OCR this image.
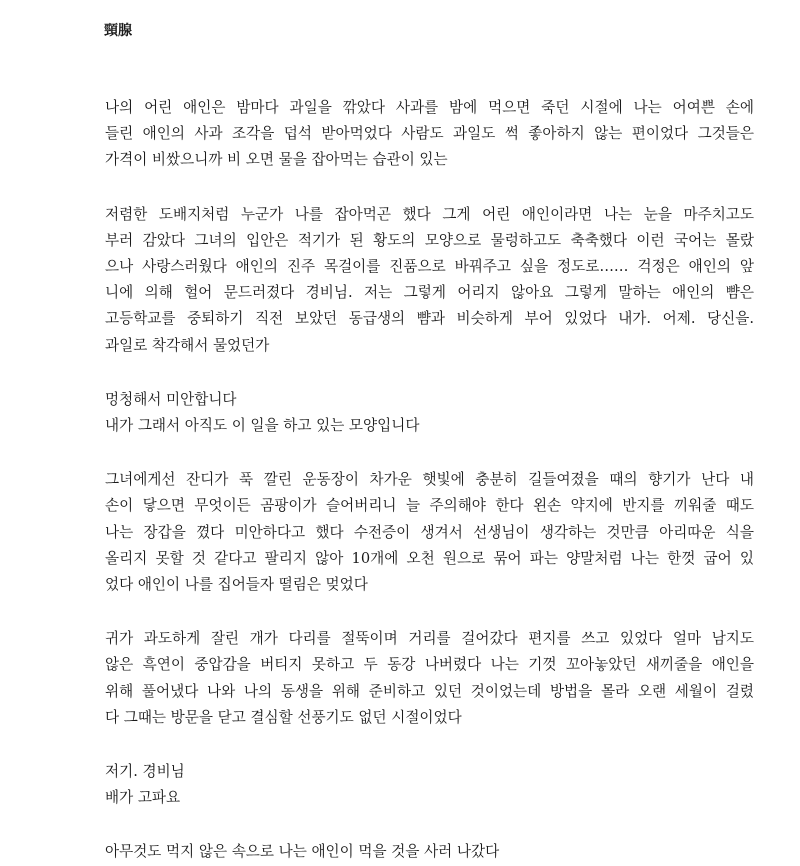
頸腺

나의 어린 애인은 밤마다 과일을 깎았다 사과를 밤에 먹으면 죽던 시절에 나는 어여쁜 손에
들린 애인의 사과 조각을 덥석 받아먹었다 사람도 과일도 썩 좋아하지 않는 편이었다 그것들은
가격이 비쌌으니까 비 오면 물을 잡아먹는 습관이 있는

저렴한 도배지처럼 누군가 나를 잡아먹곤 했다 그게 어린 애인이라면 나는 눈을 마주치고도
부러 감았다 그녀의 입안은 적기가 된 황도의 모양으로 물렁하고도 축축했다 이런 국어는 몰랐
으나 사랑스러웠다 애인의 진주 목걸이를 진품으로 바꿔주고 싶을 정도로…… 걱정은 애인의 앞
니에 의해 헐어 문드러졌다 경비님. 저는 그렇게 어리지 않아요 그렇게 말하는 애인의 뺨은
고등학교를 중퇴하기 직전 보았던 동급생의 뺨과 비슷하게 부어 있었다 내가. 어제. 당신을.
과일로 착각해서 물었던가

멍청해서 미안합니다
내가 그래서 아직도 이 일을 하고 있는 모양입니다

그녀에게선 잔디가 푹 깔린 운동장이 차가운 햇빛에 충분히 길들여졌을 때의 향기가 난다 내
손이 닿으면 무엇이든 곰팡이가 슬어버리니 늘 주의해야 한다 왼손 약지에 반지를 끼워줄 때도
나는 장갑을 꼈다 미안하다고 했다 수전증이 생겨서 선생님이 생각하는 것만큼 아리따운 식을
올리지 못할 것 같다고 팔리지 않아 10개에 오천 원으로 묶어 파는 양말처럼 나는 한껏 굽어 있
었다 애인이 나를 집어들자 떨림은 멎었다

귀가 과도하게 잘린 개가 다리를 절뚝이며 거리를 걸어갔다 편지를 쓰고 있었다 얼마 남지도
않은 흑연이 중압감을 버티지 못하고 두 동강 나버렸다 나는 기껏 꼬아놓았던 새끼줄을 애인을
위해 풀어냈다 나와 나의 동생을 위해 준비하고 있던 것이었는데 방법을 몰라 오랜 세월이 걸렸
다 그때는 방문을 닫고 결심할 선풍기도 없던 시절이었다

저기. 경비님
배가 고파요

아무것도 먹지 않은 속으로 나는 애인이 먹을 것을 사러 나갔다
